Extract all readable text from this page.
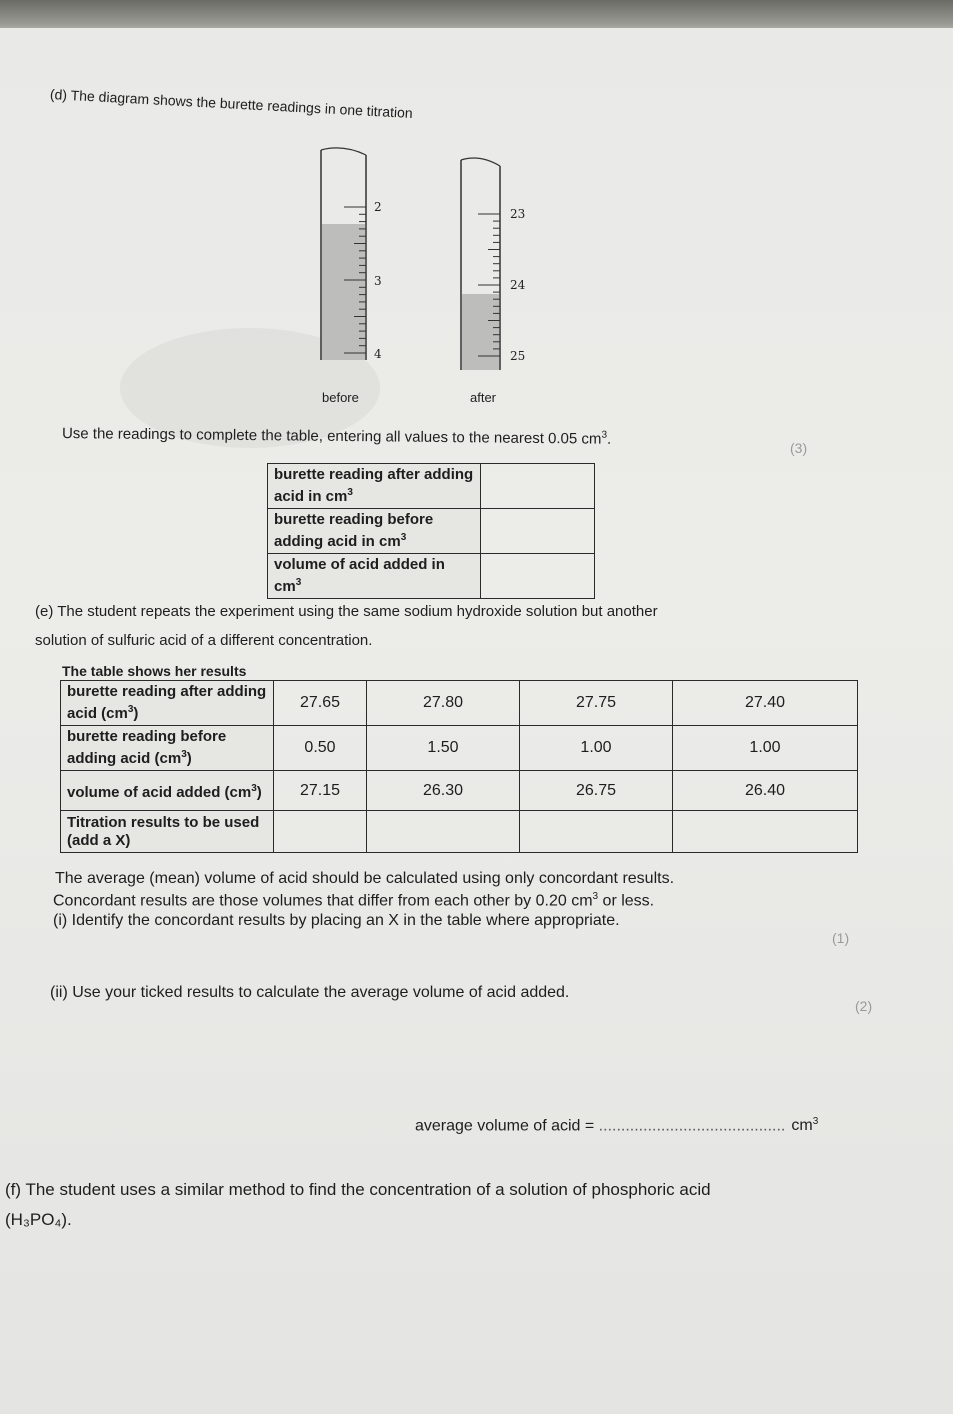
(d) The diagram shows the burette readings in one titration
2
3
4
before
23
24
25
after
Use the readings to complete the table, entering all values to the nearest 0.05 $cm^3$.
(3)
burette reading after adding acid in $cm^3$	
burette reading before adding acid in $cm^3$	
volume of acid added in $cm^3$	
(e) The student repeats the experiment using the same sodium hydroxide solution but another
solution of sulfuric acid of a different concentration.
The table shows her results
burette reading after adding acid $(cm^3)$	27.65	27.80	27.75	27.40
burette reading before adding acid $(cm^3)$	0.50	1.50	1.00	1.00
volume of acid added $(cm^3)$	27.15	26.30	26.75	26.40
Titration results to be used (add a X)				
The average (mean) volume of acid should be calculated using only concordant results.
Concordant results are those volumes that differ from each other by 0.20 $cm^3$ or less.
(i) Identify the concordant results by placing an X in the table where appropriate.
(1)
(ii) Use your ticked results to calculate the average volume of acid added.
(2)
average volume of acid = .......................................... $cm^3$
(f) The student uses a similar method to find the concentration of a solution of phosphoric acid
(H₃PO₄).
